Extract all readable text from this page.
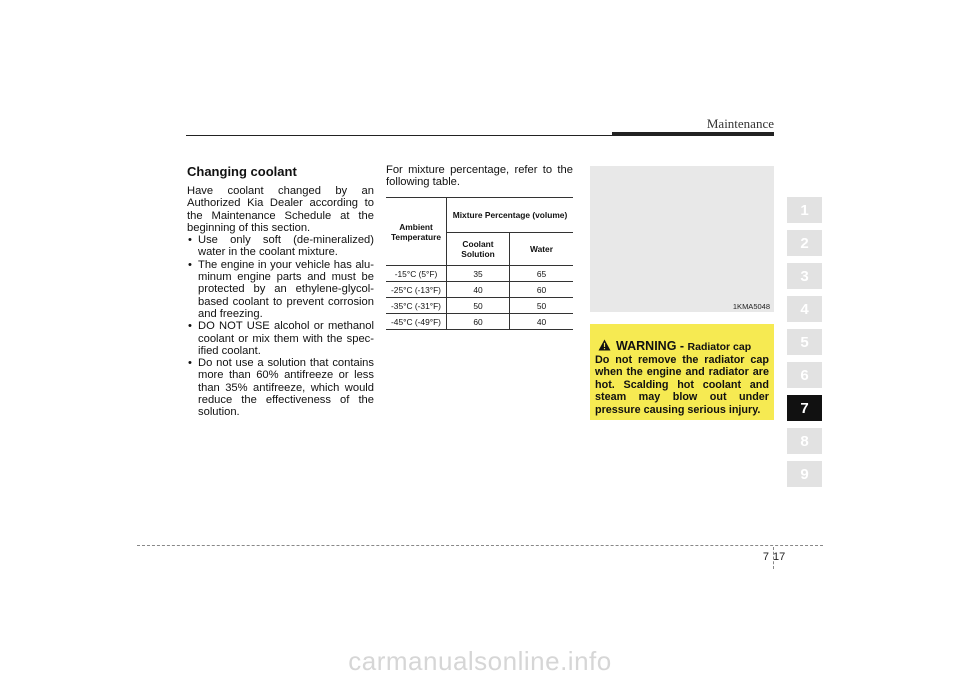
Maintenance
Changing coolant

Have coolant changed by an Authorized Kia Dealer according to the Maintenance Schedule at the beginning of this section.

• Use only soft (de-mineralized) water in the coolant mixture.
• The engine in your vehicle has alu-minum engine parts and must be protected by an ethylene-glycol-based coolant to prevent corrosion and freezing.
• DO NOT USE alcohol or methanol coolant or mix them with the spec-ified coolant.
• Do not use a solution that contains more than 60% antifreeze or less than 35% antifreeze, which would reduce the effectiveness of the solution.

For mixture percentage, refer to the following table.

Ambient Temperature	Mixture Percentage (volume)	
	Coolant Solution	Water
-15°C (5°F)	35	65
-25°C (-13°F)	40	60
-35°C (-31°F)	50	50
-45°C (-49°F)	60	40
1KMA5048
WARNING - Radiator cap

Do not remove the radiator cap when the engine and radiator are hot. Scalding hot coolant and steam may blow out under pressure causing serious injury.

1
2
3
4
5
6
7
8
9
7 17
carmanualsonline.info
